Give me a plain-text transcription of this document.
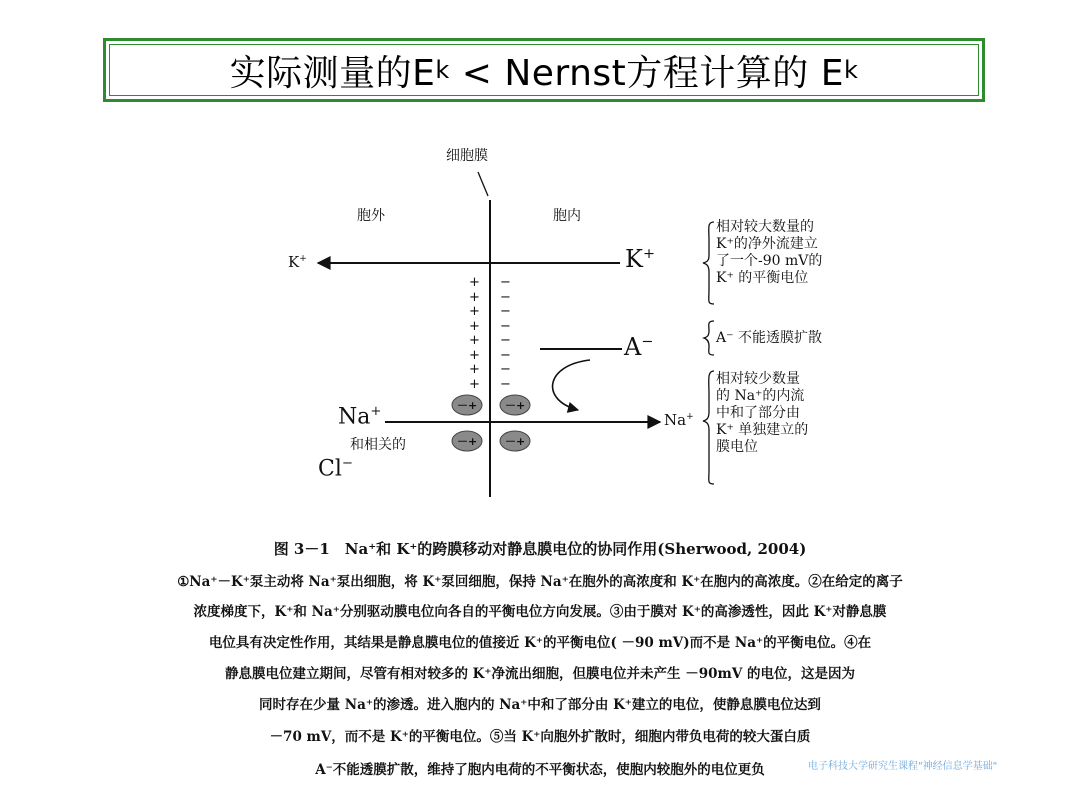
实际测量的E k < Nernst方程计算的 E k
－ +	－ +
－ +	－ +
+ −
+ −
+ −
+ −
+ −
+ −
+ −
+ −
细胞膜
胞外	胞内
K+	K+
A−
Na+	Na+
和相关的
Cl−
相对较大数量的
K⁺的净外流建立
了一个-90 mV的
K⁺ 的平衡电位
A⁻ 不能透膜扩散
相对较少数量
的 Na⁺的内流
中和了部分由
K⁺ 单独建立的
膜电位
图 3－1　Na⁺和 K⁺的跨膜移动对静息膜电位的协同作用(Sherwood, 2004)
①Na⁺－K⁺泵主动将 Na⁺泵出细胞，将 K⁺泵回细胞，保持 Na⁺在胞外的高浓度和 K⁺在胞内的高浓度。②在给定的离子
浓度梯度下，K⁺和 Na⁺分别驱动膜电位向各自的平衡电位方向发展。③由于膜对 K⁺的高渗透性，因此 K⁺对静息膜
电位具有决定性作用，其结果是静息膜电位的值接近 K⁺的平衡电位( －90 mV)而不是 Na⁺的平衡电位。④在
静息膜电位建立期间，尽管有相对较多的 K⁺净流出细胞，但膜电位并未产生 －90mV 的电位，这是因为
同时存在少量 Na⁺的渗透。进入胞内的 Na⁺中和了部分由 K⁺建立的电位，使静息膜电位达到
－70 mV，而不是 K⁺的平衡电位。⑤当 K⁺向胞外扩散时，细胞内带负电荷的较大蛋白质
A⁻不能透膜扩散，维持了胞内电荷的不平衡状态，使胞内较胞外的电位更负	电子科技大学研究生课程"神经信息学基础"
